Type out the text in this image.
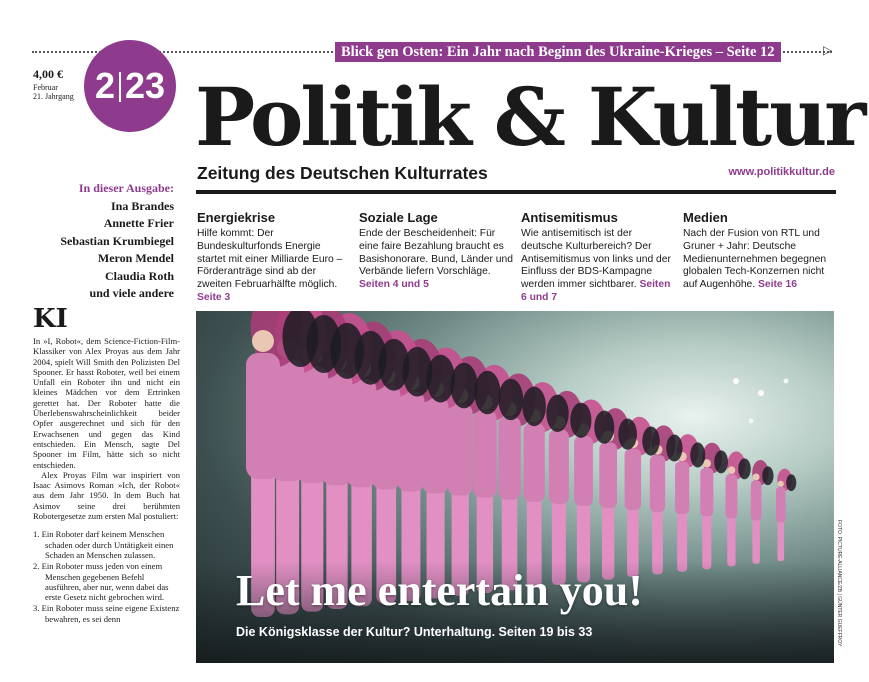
▷
Blick gen Osten: Ein Jahr nach Beginn des Ukraine-Krieges – Seite 12
4,00 €
Februar
21. Jahrgang 2 23 Politik & Kultur
Zeitung des Deutschen Kulturrates	www.politikkultur.de
In dieser Ausgabe:
Ina Brandes
Annette Frier
Sebastian Krumbiegel
Meron Mendel
Claudia Roth
und viele andere
Energiekrise
Hilfe kommt: Der Bundeskulturfonds Energie startet mit einer Milliarde Euro – Förderanträge sind ab der zweiten Februarhälfte möglich. Seite 3
Soziale Lage
Ende der Bescheidenheit: Für eine faire Bezahlung braucht es Basishonorare. Bund, Länder und Verbände liefern Vorschläge. Seiten 4 und 5
Antisemitismus
Wie antisemitisch ist der deutsche Kulturbereich? Der Antisemitismus von links und der Einfluss der BDS-Kampagne werden immer sichtbarer. Seiten 6 und 7
Medien
Nach der Fusion von RTL und Gruner + Jahr: Deutsche Medienunternehmen begegnen globalen Tech-Konzernen nicht auf Augenhöhe. Seite 16
KI

In »I, Robot«, dem Science-Fiction-Film-Klassiker von Alex Proyas aus dem Jahr 2004, spielt Will Smith den Polizisten Del Spooner. Er hasst Roboter, weil bei einem Unfall ein Roboter ihn und nicht ein kleines Mädchen vor dem Ertrinken gerettet hat. Der Roboter hatte die Überlebenswahrscheinlichkeit beider Opfer ausgerechnet und sich für den Erwachsenen und gegen das Kind entschieden. Ein Mensch, sagte Del Spooner im Film, hätte sich so nicht entschieden.

Alex Proyas Film war inspiriert von Isaac Asimovs Roman »Ich, der Robot« aus dem Jahr 1950. In dem Buch hat Asimov seine drei berühmten Robotergesetze zum ersten Mal postuliert:

1. Ein Roboter darf keinem Menschen schaden oder durch Untätigkeit einen Schaden an Menschen zulassen.
2. Ein Roboter muss jeden von einem Menschen gegebenen Befehl ausführen, aber nur, wenn dabei das erste Gesetz nicht gebrochen wird.
3. Ein Roboter muss seine eigene Existenz bewahren, es sei denn	FOTO: PICTURE-ALLIANCE/ZB | GÜNTER GUEFFROY
Let me entertain you!
Die Königsklasse der Kultur? Unterhaltung. Seiten 19 bis 33
